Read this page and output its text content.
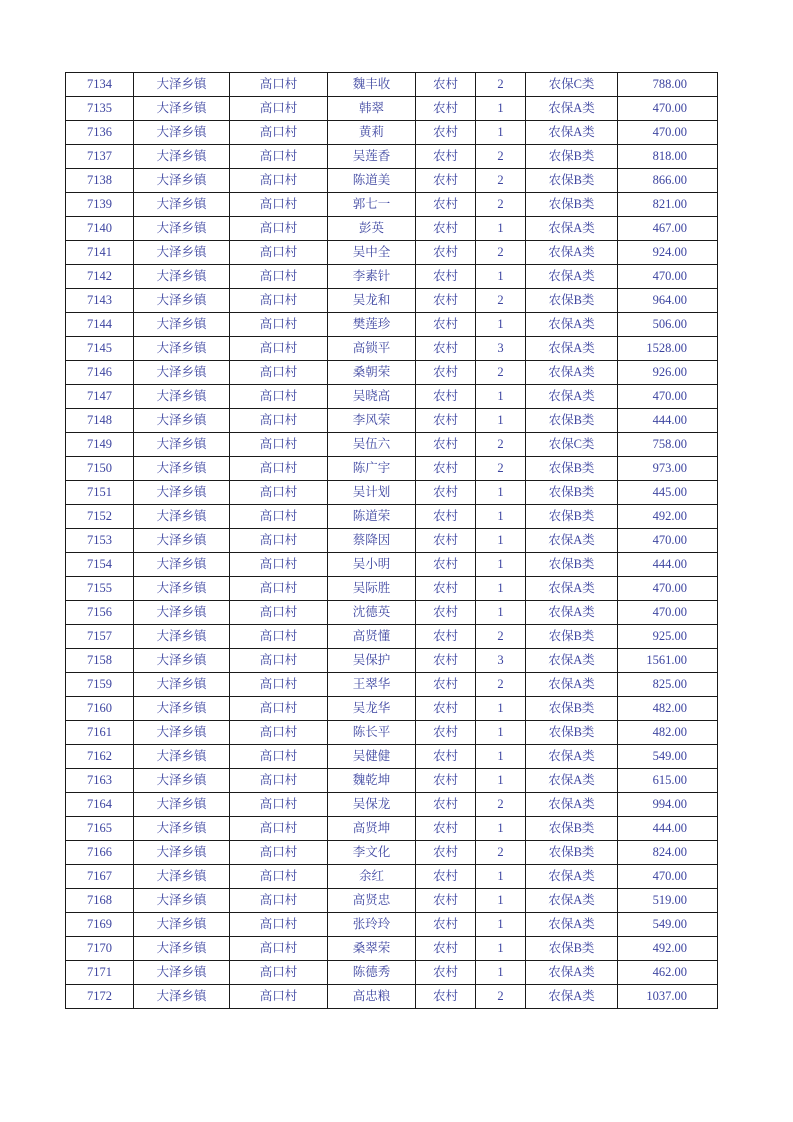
7134	大泽乡镇	高口村	魏丰收	农村	2	农保C类	788.00
7135	大泽乡镇	高口村	韩翠	农村	1	农保A类	470.00
7136	大泽乡镇	高口村	黄莉	农村	1	农保A类	470.00
7137	大泽乡镇	高口村	吴莲香	农村	2	农保B类	818.00
7138	大泽乡镇	高口村	陈道美	农村	2	农保B类	866.00
7139	大泽乡镇	高口村	郭七一	农村	2	农保B类	821.00
7140	大泽乡镇	高口村	彭英	农村	1	农保A类	467.00
7141	大泽乡镇	高口村	吴中全	农村	2	农保A类	924.00
7142	大泽乡镇	高口村	李素针	农村	1	农保A类	470.00
7143	大泽乡镇	高口村	吴龙和	农村	2	农保B类	964.00
7144	大泽乡镇	高口村	樊莲珍	农村	1	农保A类	506.00
7145	大泽乡镇	高口村	高锁平	农村	3	农保A类	1528.00
7146	大泽乡镇	高口村	桑朝荣	农村	2	农保A类	926.00
7147	大泽乡镇	高口村	吴晓高	农村	1	农保A类	470.00
7148	大泽乡镇	高口村	李风荣	农村	1	农保B类	444.00
7149	大泽乡镇	高口村	吴伍六	农村	2	农保C类	758.00
7150	大泽乡镇	高口村	陈广宇	农村	2	农保B类	973.00
7151	大泽乡镇	高口村	吴计划	农村	1	农保B类	445.00
7152	大泽乡镇	高口村	陈道荣	农村	1	农保B类	492.00
7153	大泽乡镇	高口村	蔡降因	农村	1	农保A类	470.00
7154	大泽乡镇	高口村	吴小明	农村	1	农保B类	444.00
7155	大泽乡镇	高口村	吴际胜	农村	1	农保A类	470.00
7156	大泽乡镇	高口村	沈德英	农村	1	农保A类	470.00
7157	大泽乡镇	高口村	高贤懂	农村	2	农保B类	925.00
7158	大泽乡镇	高口村	吴保护	农村	3	农保A类	1561.00
7159	大泽乡镇	高口村	王翠华	农村	2	农保A类	825.00
7160	大泽乡镇	高口村	吴龙华	农村	1	农保B类	482.00
7161	大泽乡镇	高口村	陈长平	农村	1	农保B类	482.00
7162	大泽乡镇	高口村	吴健健	农村	1	农保A类	549.00
7163	大泽乡镇	高口村	魏乾坤	农村	1	农保A类	615.00
7164	大泽乡镇	高口村	吴保龙	农村	2	农保A类	994.00
7165	大泽乡镇	高口村	高贤坤	农村	1	农保B类	444.00
7166	大泽乡镇	高口村	李文化	农村	2	农保B类	824.00
7167	大泽乡镇	高口村	余红	农村	1	农保A类	470.00
7168	大泽乡镇	高口村	高贤忠	农村	1	农保A类	519.00
7169	大泽乡镇	高口村	张玲玲	农村	1	农保A类	549.00
7170	大泽乡镇	高口村	桑翠荣	农村	1	农保B类	492.00
7171	大泽乡镇	高口村	陈德秀	农村	1	农保A类	462.00
7172	大泽乡镇	高口村	高忠粮	农村	2	农保A类	1037.00
